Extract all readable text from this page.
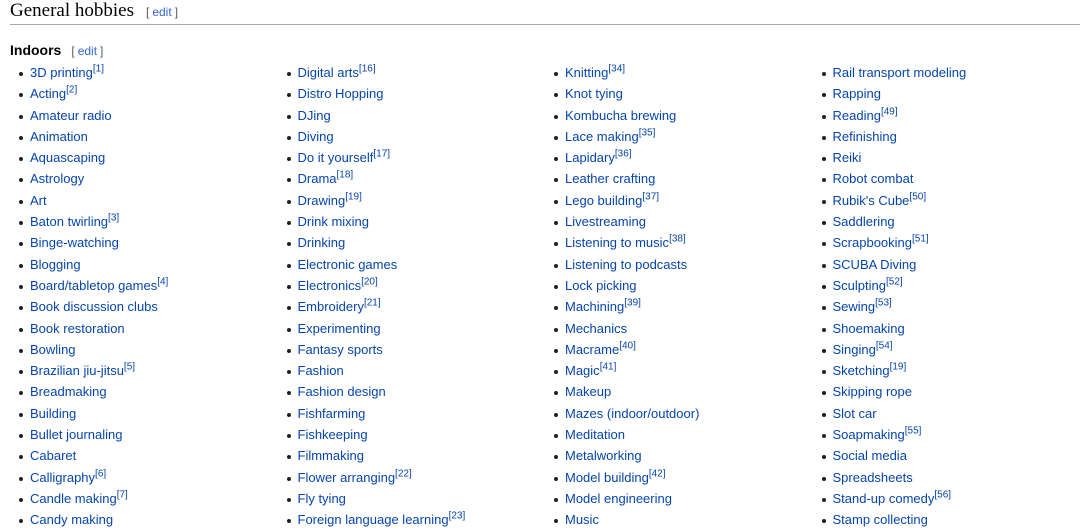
General hobbies [ edit ]
Indoors [ edit ]
3D printing[1]
Acting[2]
Amateur radio
Animation
Aquascaping
Astrology
Art
Baton twirling[3]
Binge-watching
Blogging
Board/tabletop games[4]
Book discussion clubs
Book restoration
Bowling
Brazilian jiu-jitsu[5]
Breadmaking
Building
Bullet journaling
Cabaret
Calligraphy[6]
Candle making[7]
Candy making
Digital arts[16]
Distro Hopping
DJing
Diving
Do it yourself[17]
Drama[18]
Drawing[19]
Drink mixing
Drinking
Electronic games
Electronics[20]
Embroidery[21]
Experimenting
Fantasy sports
Fashion
Fashion design
Fishfarming
Fishkeeping
Filmmaking
Flower arranging[22]
Fly tying
Foreign language learning[23]
Knitting[34]
Knot tying
Kombucha brewing
Lace making[35]
Lapidary[36]
Leather crafting
Lego building[37]
Livestreaming
Listening to music[38]
Listening to podcasts
Lock picking
Machining[39]
Mechanics
Macrame[40]
Magic[41]
Makeup
Mazes (indoor/outdoor)
Meditation
Metalworking
Model building[42]
Model engineering
Music
Rail transport modeling
Rapping
Reading[49]
Refinishing
Reiki
Robot combat
Rubik's Cube[50]
Saddlering
Scrapbooking[51]
SCUBA Diving
Sculpting[52]
Sewing[53]
Shoemaking
Singing[54]
Sketching[19]
Skipping rope
Slot car
Soapmaking[55]
Social media
Spreadsheets
Stand-up comedy[56]
Stamp collecting
